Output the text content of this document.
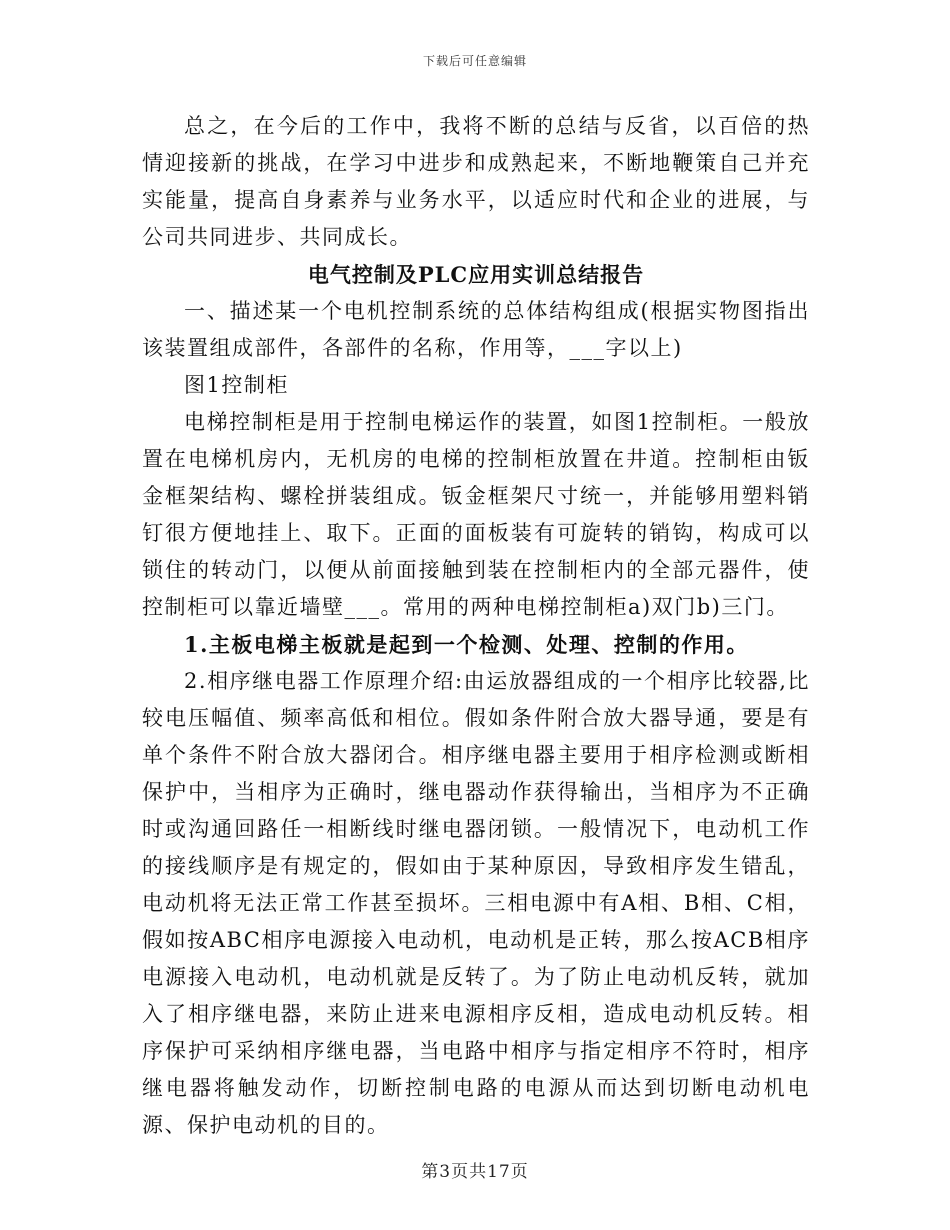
下载后可任意编辑

总之，在今后的工作中，我将不断的总结与反省，以百倍的热情迎接新的挑战，在学习中进步和成熟起来，不断地鞭策自己并充实能量，提高自身素养与业务水平，以适应时代和企业的进展，与公司共同进步、共同成长。

电气控制及PLC应用实训总结报告

一、描述某一个电机控制系统的总体结构组成(根据实物图指出该装置组成部件，各部件的名称，作用等，___字以上)

图1控制柜

电梯控制柜是用于控制电梯运作的装置，如图1控制柜。一般放置在电梯机房内，无机房的电梯的控制柜放置在井道。控制柜由钣金框架结构、螺栓拼装组成。钣金框架尺寸统一，并能够用塑料销钉很方便地挂上、取下。正面的面板装有可旋转的销钩，构成可以锁住的转动门，以便从前面接触到装在控制柜内的全部元器件，使控制柜可以靠近墙壁___。常用的两种电梯控制柜a)双门b)三门。

1.主板电梯主板就是起到一个检测、处理、控制的作用。

2.相序继电器工作原理介绍:由运放器组成的一个相序比较器,比较电压幅值、频率高低和相位。假如条件附合放大器导通，要是有单个条件不附合放大器闭合。相序继电器主要用于相序检测或断相保护中，当相序为正确时，继电器动作获得输出，当相序为不正确时或沟通回路任一相断线时继电器闭锁。一般情况下，电动机工作的接线顺序是有规定的，假如由于某种原因，导致相序发生错乱，电动机将无法正常工作甚至损坏。三相电源中有A相、B相、C相，假如按ABC相序电源接入电动机，电动机是正转，那么按ACB相序电源接入电动机，电动机就是反转了。为了防止电动机反转，就加入了相序继电器，来防止进来电源相序反相，造成电动机反转。相序保护可采纳相序继电器，当电路中相序与指定相序不符时，相序继电器将触发动作，切断控制电路的电源从而达到切断电动机电源、保护电动机的目的。

第3页共17页
